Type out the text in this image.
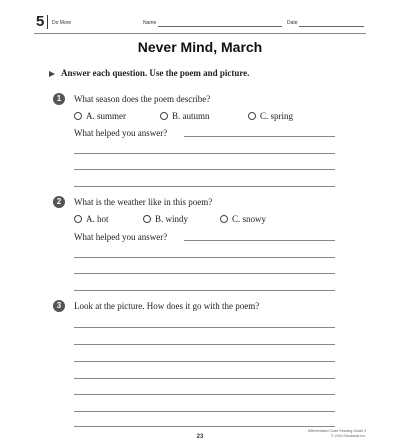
5 Do More	Name	Date
Never Mind, March
Answer each question. Use the poem and picture.
1	What season does the poem describe?
A. summer	B. autumn	C. spring
What helped you answer?
2	What is the weather like in this poem?
A. hot	B. windy	C. snowy
What helped you answer?
3	Look at the picture. How does it go with the poem?
23
Differentiated Close Reading Grade 3
© 2016 Scholastic Inc.
